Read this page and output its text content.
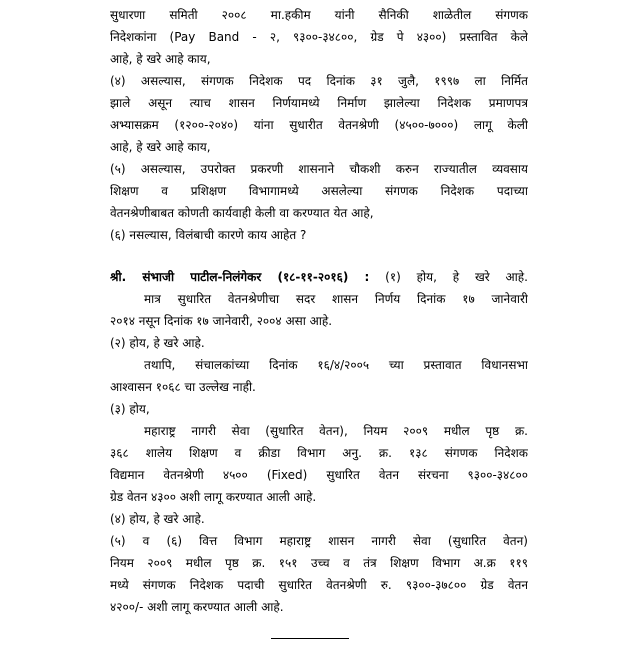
सुधारणा समिती २००८ मा.हकीम यांनी सैनिकी शाळेतील संगणक
निदेशकांना (Pay Band - २, ९३००-३४८००, ग्रेड पे ४३००) प्रस्तावित केले
आहे, हे खरे आहे काय,
(४) असल्यास, संगणक निदेशक पद दिनांक ३१ जुलै, १९९७ ला निर्मित
झाले असून त्याच शासन निर्णयामध्ये निर्माण झालेल्या निदेशक प्रमाणपत्र
अभ्यासक्रम (१२००-२०४०) यांना सुधारीत वेतनश्रेणी (४५००-७०००) लागू केली
आहे, हे खरे आहे काय,
(५) असल्यास, उपरोक्त प्रकरणी शासनाने चौकशी करुन राज्यातील व्यवसाय
शिक्षण व प्रशिक्षण विभागामध्ये असलेल्या संगणक निदेशक पदाच्या
वेतनश्रेणीबाबत कोणती कार्यवाही केली वा करण्यात येत आहे,
(६) नसल्यास, विलंबाची कारणे काय आहेत ?
श्री. संभाजी पाटील-निलंगेकर (१८-११-२०१६) : (१) होय, हे खरे आहे.
मात्र सुधारित वेतनश्रेणीचा सदर शासन निर्णय दिनांक १७ जानेवारी
२०१४ नसून दिनांक १७ जानेवारी, २००४ असा आहे.
(२) होय, हे खरे आहे.
तथापि, संचालकांच्या दिनांक १६/४/२००५ च्या प्रस्तावात विधानसभा
आश्वासन १०६८ चा उल्लेख नाही.
(३) होय,
महाराष्ट्र नागरी सेवा (सुधारित वेतन), नियम २००९ मधील पृष्ठ क्र.
३६८ शालेय शिक्षण व क्रीडा विभाग अनु. क्र. १३८ संगणक निदेशक
विद्यमान वेतनश्रेणी ४५०० (Fixed) सुधारित वेतन संरचना ९३००-३४८००
ग्रेड वेतन ४३०० अशी लागू करण्यात आली आहे.
(४) होय, हे खरे आहे.
(५) व (६) वित्त विभाग महाराष्ट्र शासन नागरी सेवा (सुधारित वेतन)
नियम २००९ मधील पृष्ठ क्र. १५१ उच्च व तंत्र शिक्षण विभाग अ.क्र ११९
मध्ये संगणक निदेशक पदाची सुधारित वेतनश्रेणी रु. ९३००-३७८०० ग्रेड वेतन
४२००/- अशी लागू करण्यात आली आहे.
